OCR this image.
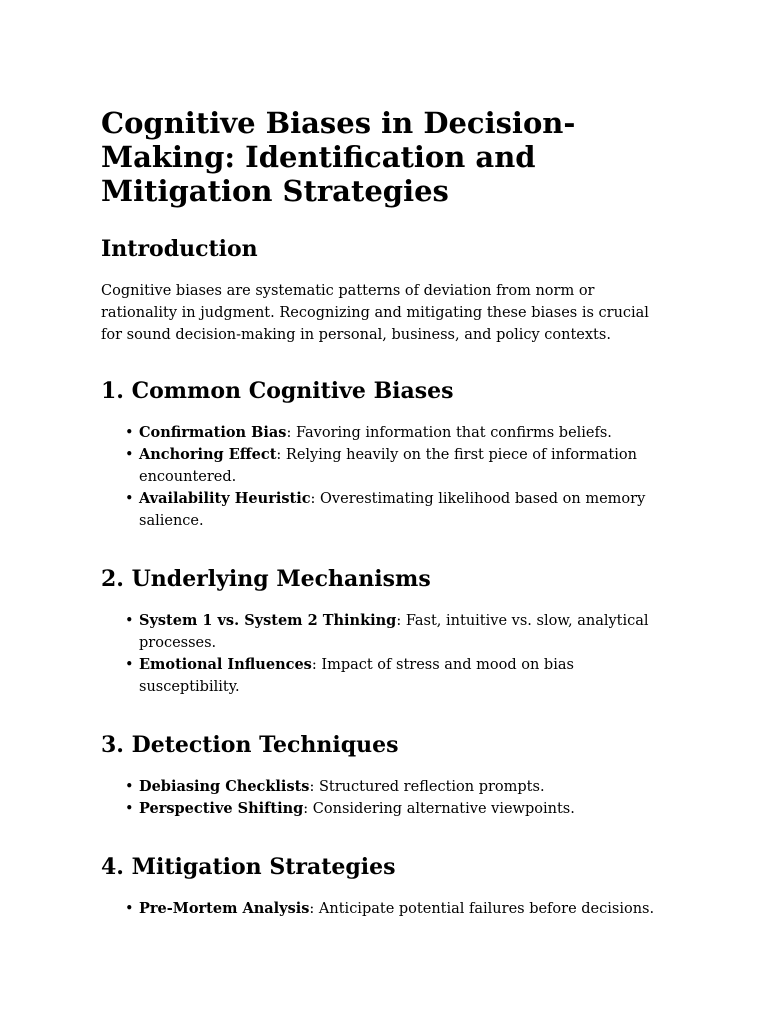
Cognitive Biases in Decision-Making: Identification and Mitigation Strategies
Introduction

Cognitive biases are systematic patterns of deviation from norm or rationality in judgment. Recognizing and mitigating these biases is crucial for sound decision-making in personal, business, and policy contexts.

1. Common Cognitive Biases
• Confirmation Bias: Favoring information that confirms beliefs.
• Anchoring Effect: Relying heavily on the first piece of information encountered.
• Availability Heuristic: Overestimating likelihood based on memory salience.
2. Underlying Mechanisms
• System 1 vs. System 2 Thinking: Fast, intuitive vs. slow, analytical processes.
• Emotional Influences: Impact of stress and mood on bias susceptibility.
3. Detection Techniques
• Debiasing Checklists: Structured reflection prompts.
• Perspective Shifting: Considering alternative viewpoints.
4. Mitigation Strategies
• Pre-Mortem Analysis: Anticipate potential failures before decisions.
